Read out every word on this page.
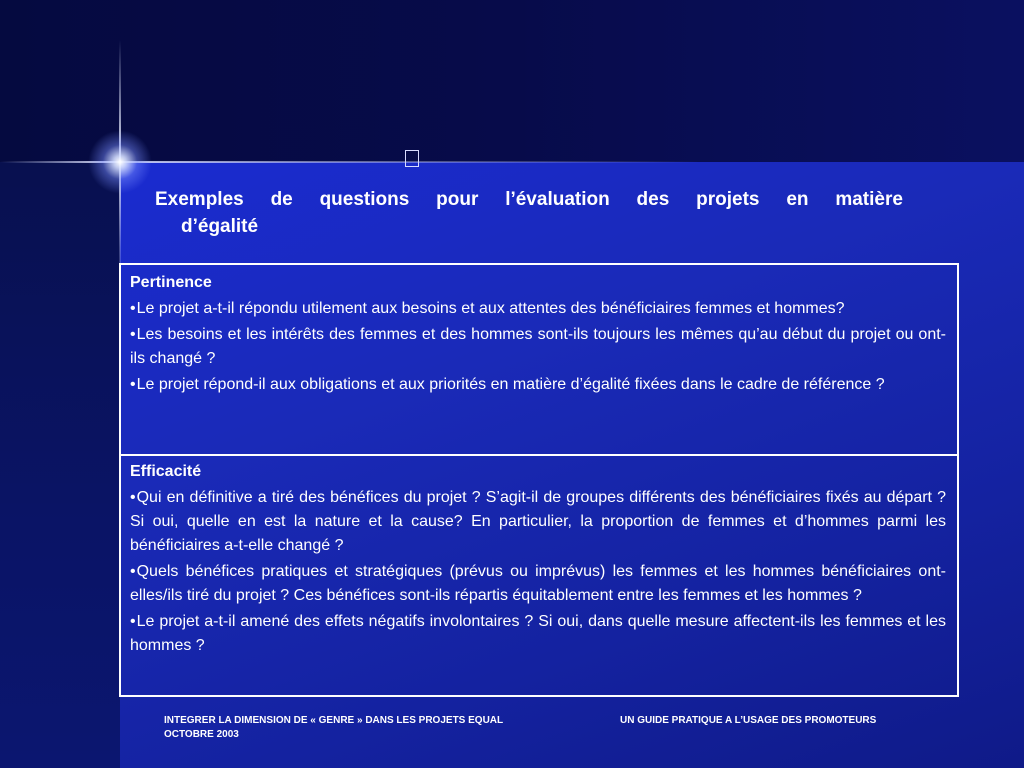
Exemples de questions pour l’évaluation des projets en matière
d’égalité
Pertinence
•Le projet a-t-il répondu utilement aux besoins et aux attentes des bénéficiaires femmes et hommes?
•Les besoins et les intérêts des femmes et des hommes sont-ils toujours les mêmes qu’au début du projet ou ont-ils changé ?
•Le projet répond-il aux obligations et aux priorités en matière d’égalité fixées dans le cadre de référence ?
Efficacité
•Qui en définitive a tiré des bénéfices du projet ? S’agit-il de groupes différents des bénéficiaires fixés au départ ? Si oui, quelle en est la nature et la cause? En particulier, la proportion de femmes et d’hommes parmi les bénéficiaires a-t-elle changé ?
•Quels bénéfices pratiques et stratégiques (prévus ou imprévus) les femmes et les hommes bénéficiaires ont-elles/ils tiré du projet ? Ces bénéfices sont-ils répartis équitablement entre les femmes et les hommes ?
•Le projet a-t-il amené des effets négatifs involontaires ? Si oui, dans quelle mesure affectent-ils les femmes et les hommes ?
INTEGRER LA DIMENSION DE « GENRE » DANS LES PROJETS EQUAL
OCTOBRE 2003
UN GUIDE PRATIQUE A L’USAGE DES PROMOTEURS
